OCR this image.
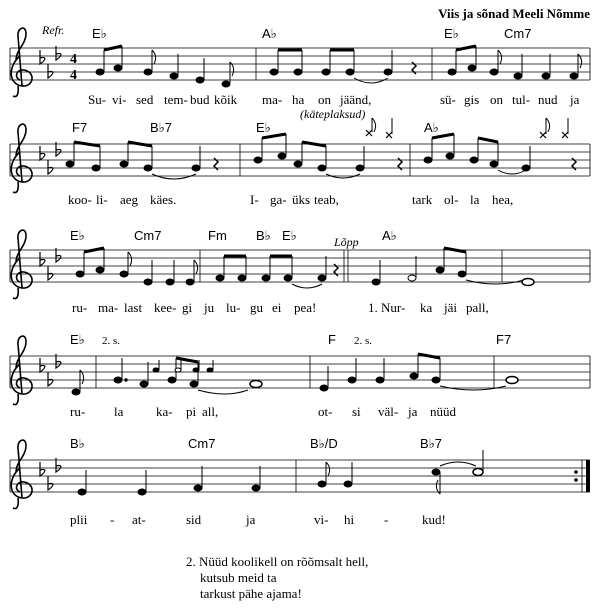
Viis ja sõnad Meeli Nõmme
4
4
E♭	A♭	E♭	Cm7
F7	B♭7	E♭	A♭
E♭	Cm7	Fm B♭ E♭	A♭
E♭	F	F7
B♭	Cm7	B♭/D	B♭7
Refr.
(käteplaksud)
Lõpp
2. s.	2. s.
Su- vi- sed tem- bud kõik ma- ha on jäänd,	sü- gis on tul- nud ja
koo- li- aeg käes.	I- ga- üks teab,	tark ol- la hea,
ru- ma- last kee- gi ju lu- gu ei pea!	1. Nur- ka jäi pall,
ru- la	ka- pi all,	ot- si väl- ja nüüd
plii - at-	sid	ja	vi- hi -	kud!
2. Nüüd koolikell on rõõmsalt hell,
kutsub meid ta
tarkust pähe ajama!
